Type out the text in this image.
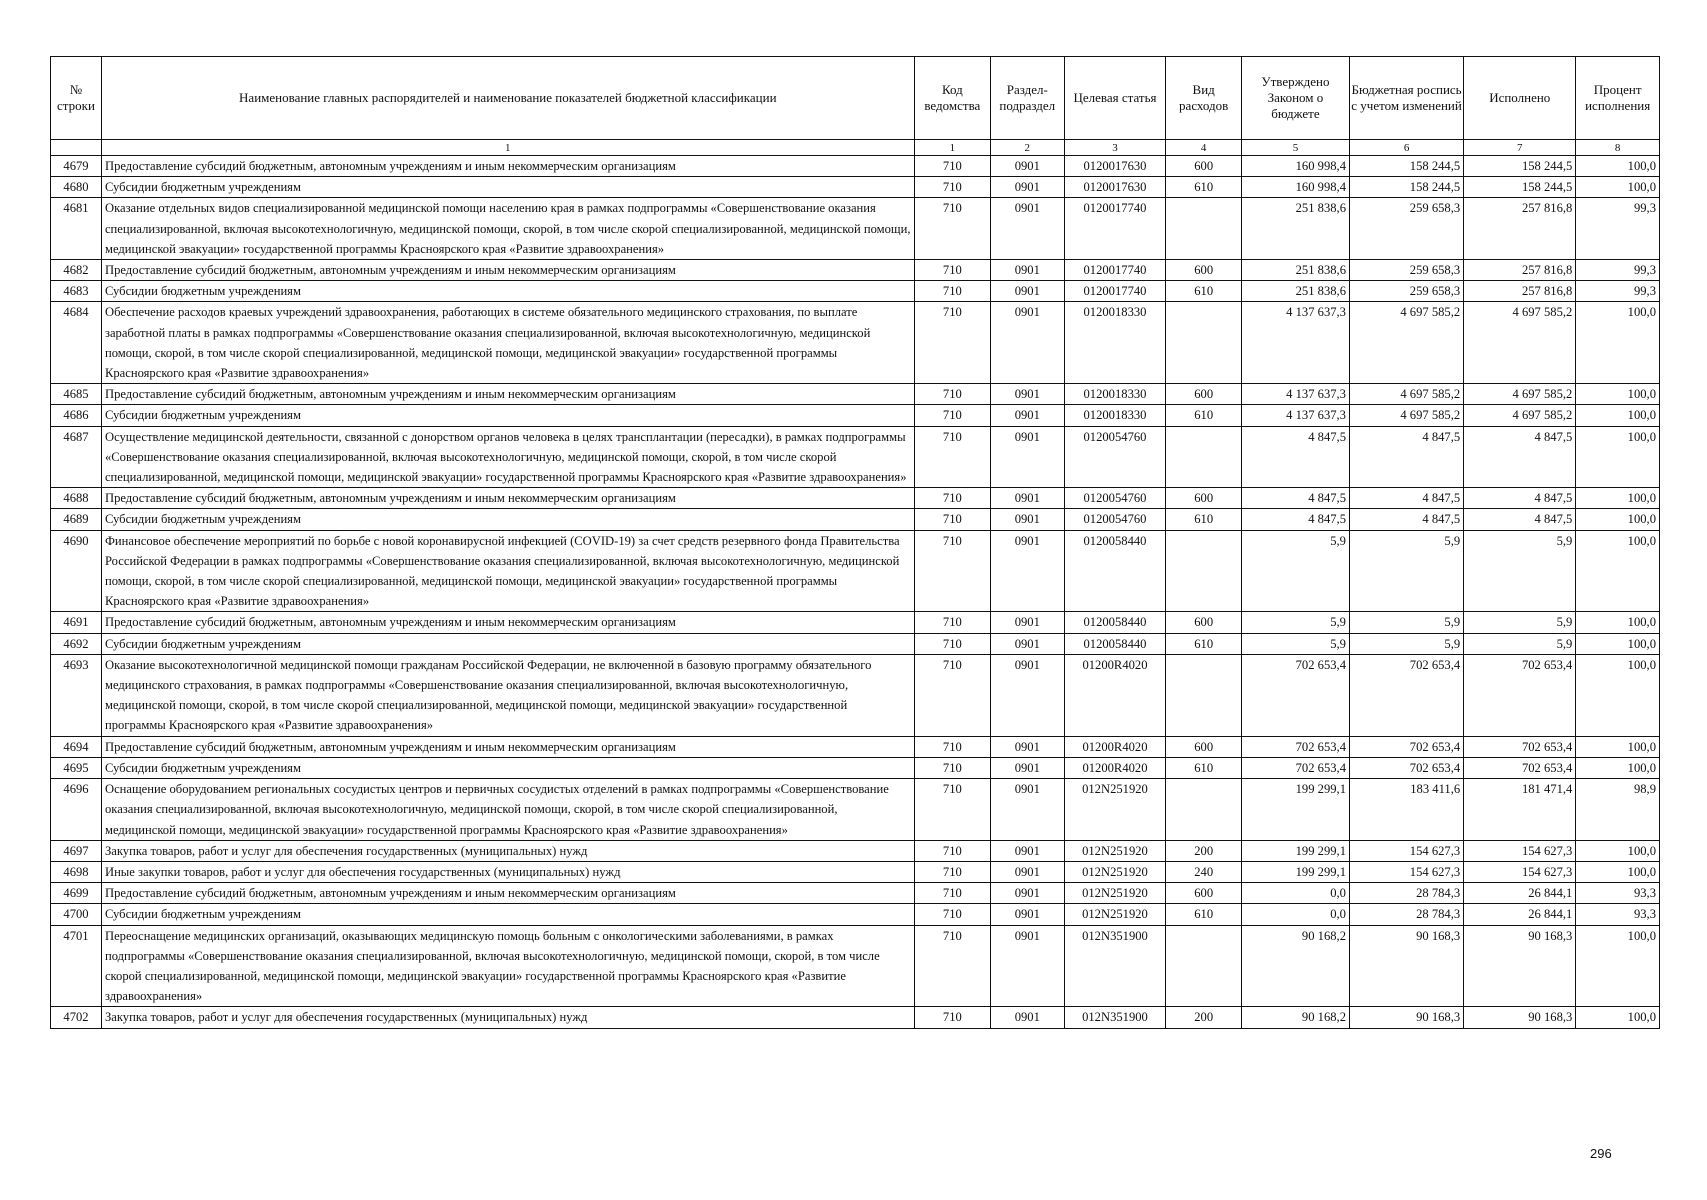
№ строки	Наименование главных распорядителей и наименование показателей бюджетной классификации	Код ведомства	Раздел-подраздел	Целевая статья	Вид расходов	Утверждено Законом о бюджете	Бюджетная роспись с учетом изменений	Исполнено	Процент исполнения
	1	1	2	3	4	5	6	7	8
4679	Предоставление субсидий бюджетным, автономным учреждениям и иным некоммерческим организациям	710	0901	0120017630	600	160 998,4	158 244,5	158 244,5	100,0
4680	Субсидии бюджетным учреждениям	710	0901	0120017630	610	160 998,4	158 244,5	158 244,5	100,0
4681	Оказание отдельных видов специализированной медицинской помощи населению края в рамках подпрограммы «Совершенствование оказания специализированной, включая высокотехнологичную, медицинской помощи, скорой, в том числе скорой специализированной, медицинской помощи, медицинской эвакуации» государственной программы Красноярского края «Развитие здравоохранения»	710	0901	0120017740		251 838,6	259 658,3	257 816,8	99,3
4682	Предоставление субсидий бюджетным, автономным учреждениям и иным некоммерческим организациям	710	0901	0120017740	600	251 838,6	259 658,3	257 816,8	99,3
4683	Субсидии бюджетным учреждениям	710	0901	0120017740	610	251 838,6	259 658,3	257 816,8	99,3
4684	Обеспечение расходов краевых учреждений здравоохранения, работающих в системе обязательного медицинского страхования, по выплате заработной платы в рамках подпрограммы «Совершенствование оказания специализированной, включая высокотехнологичную, медицинской помощи, скорой, в том числе скорой специализированной, медицинской помощи, медицинской эвакуации» государственной программы Красноярского края «Развитие здравоохранения»	710	0901	0120018330		4 137 637,3	4 697 585,2	4 697 585,2	100,0
4685	Предоставление субсидий бюджетным, автономным учреждениям и иным некоммерческим организациям	710	0901	0120018330	600	4 137 637,3	4 697 585,2	4 697 585,2	100,0
4686	Субсидии бюджетным учреждениям	710	0901	0120018330	610	4 137 637,3	4 697 585,2	4 697 585,2	100,0
4687	Осуществление медицинской деятельности, связанной с донорством органов человека в целях трансплантации (пересадки), в рамках подпрограммы «Совершенствование оказания специализированной, включая высокотехнологичную, медицинской помощи, скорой, в том числе скорой специализированной, медицинской помощи, медицинской эвакуации» государственной программы Красноярского края «Развитие здравоохранения»	710	0901	0120054760		4 847,5	4 847,5	4 847,5	100,0
4688	Предоставление субсидий бюджетным, автономным учреждениям и иным некоммерческим организациям	710	0901	0120054760	600	4 847,5	4 847,5	4 847,5	100,0
4689	Субсидии бюджетным учреждениям	710	0901	0120054760	610	4 847,5	4 847,5	4 847,5	100,0
4690	Финансовое обеспечение мероприятий по борьбе с новой коронавирусной инфекцией (COVID-19) за счет средств резервного фонда Правительства Российской Федерации в рамках подпрограммы «Совершенствование оказания специализированной, включая высокотехнологичную, медицинской помощи, скорой, в том числе скорой специализированной, медицинской помощи, медицинской эвакуации» государственной программы Красноярского края «Развитие здравоохранения»	710	0901	0120058440		5,9	5,9	5,9	100,0
4691	Предоставление субсидий бюджетным, автономным учреждениям и иным некоммерческим организациям	710	0901	0120058440	600	5,9	5,9	5,9	100,0
4692	Субсидии бюджетным учреждениям	710	0901	0120058440	610	5,9	5,9	5,9	100,0
4693	Оказание высокотехнологичной медицинской помощи гражданам Российской Федерации, не включенной в базовую программу обязательного медицинского страхования, в рамках подпрограммы «Совершенствование оказания специализированной, включая высокотехнологичную, медицинской помощи, скорой, в том числе скорой специализированной, медицинской помощи, медицинской эвакуации» государственной программы Красноярского края «Развитие здравоохранения»	710	0901	01200R4020		702 653,4	702 653,4	702 653,4	100,0
4694	Предоставление субсидий бюджетным, автономным учреждениям и иным некоммерческим организациям	710	0901	01200R4020	600	702 653,4	702 653,4	702 653,4	100,0
4695	Субсидии бюджетным учреждениям	710	0901	01200R4020	610	702 653,4	702 653,4	702 653,4	100,0
4696	Оснащение оборудованием региональных сосудистых центров и первичных сосудистых отделений в рамках подпрограммы «Совершенствование оказания специализированной, включая высокотехнологичную, медицинской помощи, скорой, в том числе скорой специализированной, медицинской помощи, медицинской эвакуации» государственной программы Красноярского края «Развитие здравоохранения»	710	0901	012N251920		199 299,1	183 411,6	181 471,4	98,9
4697	Закупка товаров, работ и услуг для обеспечения государственных (муниципальных) нужд	710	0901	012N251920	200	199 299,1	154 627,3	154 627,3	100,0
4698	Иные закупки товаров, работ и услуг для обеспечения государственных (муниципальных) нужд	710	0901	012N251920	240	199 299,1	154 627,3	154 627,3	100,0
4699	Предоставление субсидий бюджетным, автономным учреждениям и иным некоммерческим организациям	710	0901	012N251920	600	0,0	28 784,3	26 844,1	93,3
4700	Субсидии бюджетным учреждениям	710	0901	012N251920	610	0,0	28 784,3	26 844,1	93,3
4701	Переоснащение медицинских организаций, оказывающих медицинскую помощь больным с онкологическими заболеваниями, в рамках подпрограммы «Совершенствование оказания специализированной, включая высокотехнологичную, медицинской помощи, скорой, в том числе скорой специализированной, медицинской помощи, медицинской эвакуации» государственной программы Красноярского края «Развитие здравоохранения»	710	0901	012N351900		90 168,2	90 168,3	90 168,3	100,0
4702	Закупка товаров, работ и услуг для обеспечения государственных (муниципальных) нужд	710	0901	012N351900	200	90 168,2	90 168,3	90 168,3	100,0
296
